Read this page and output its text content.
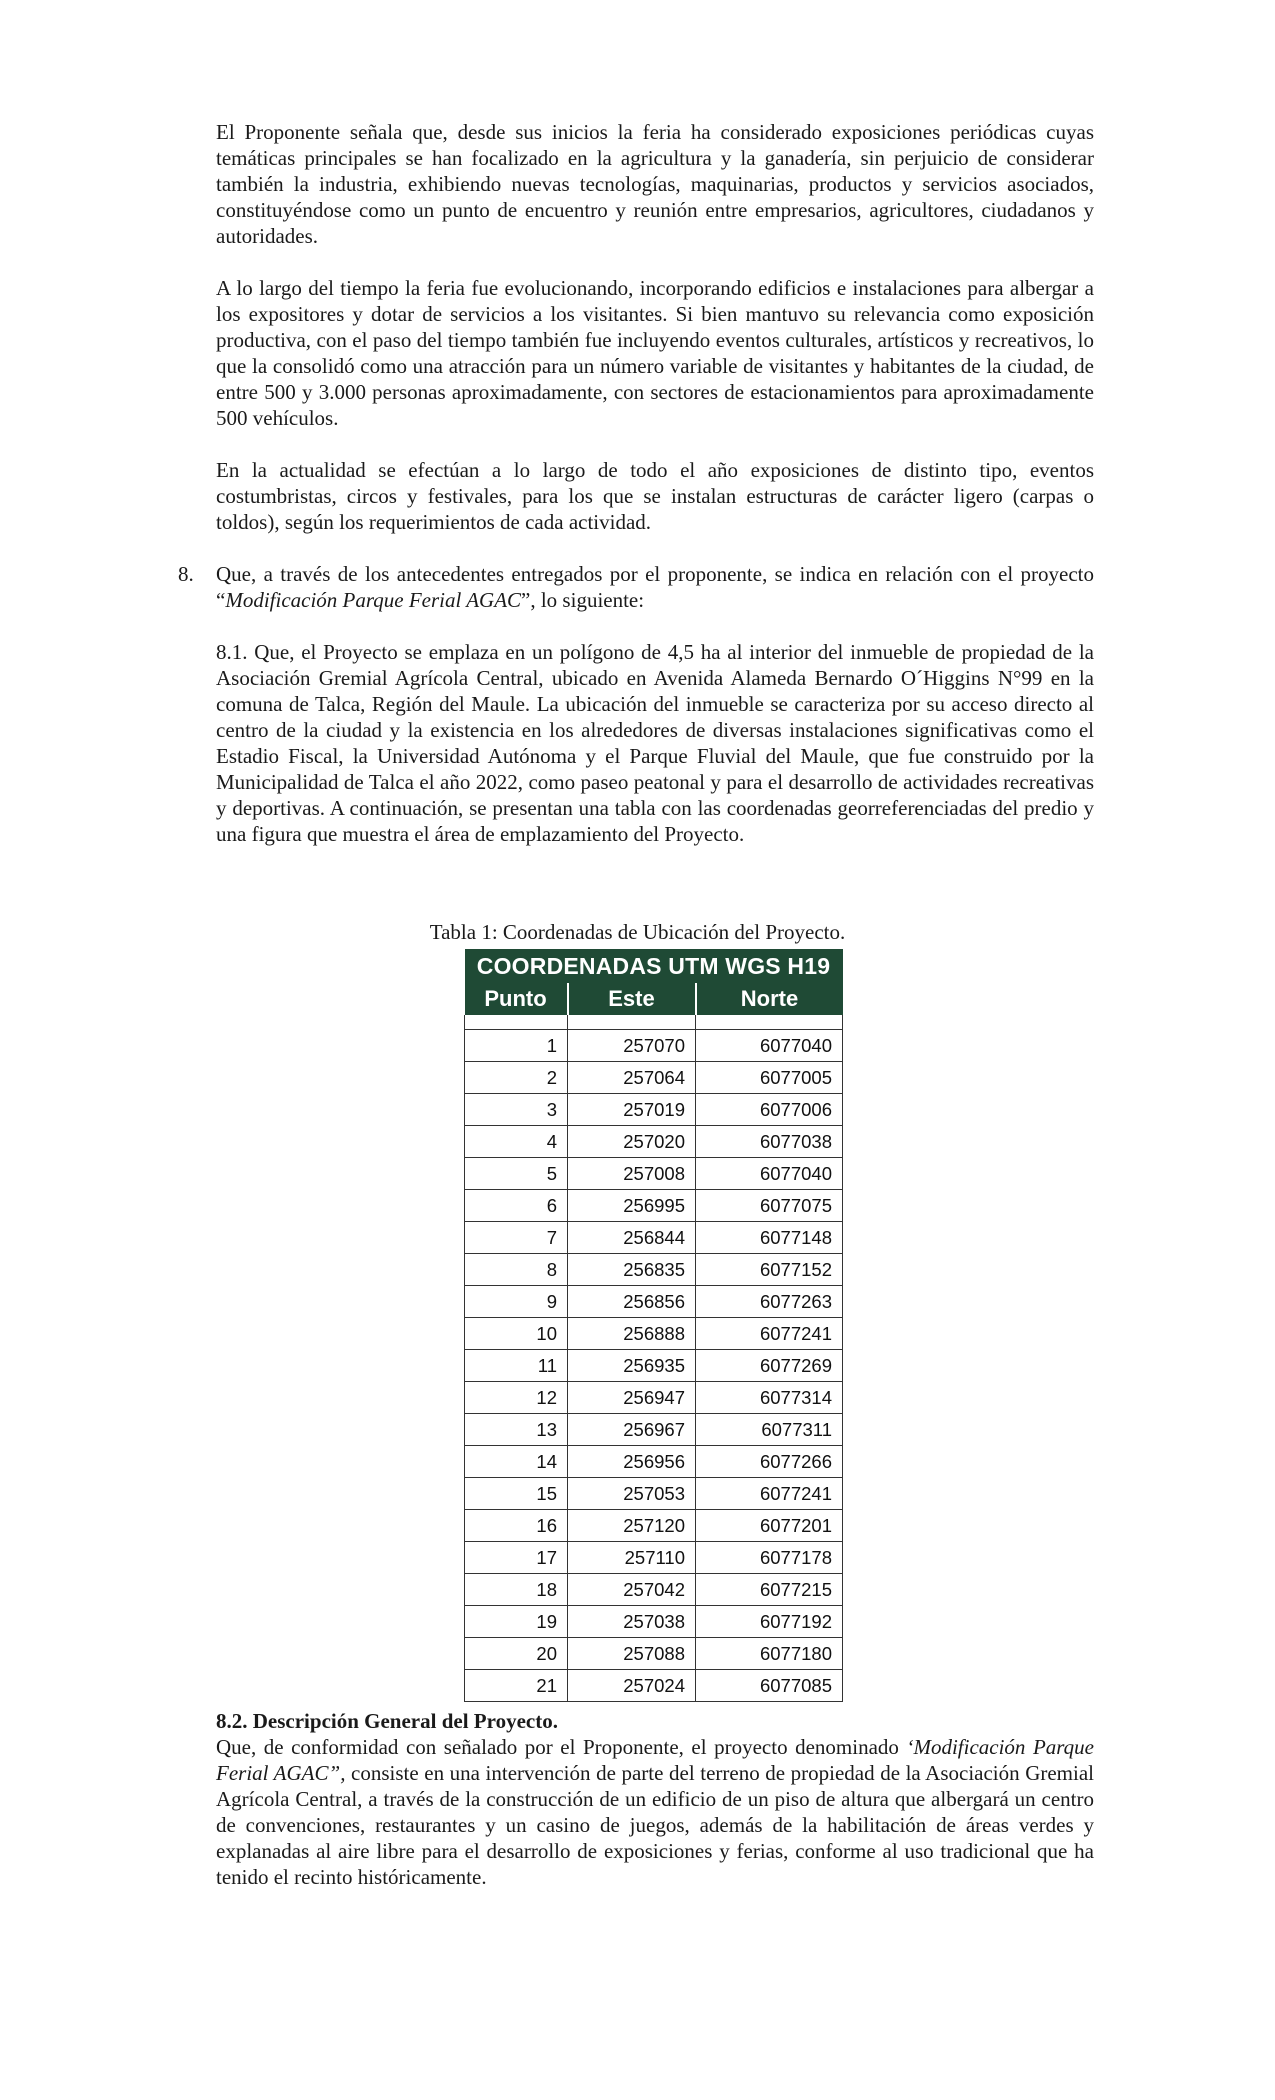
El Proponente señala que, desde sus inicios la feria ha considerado exposiciones periódicas cuyas temáticas principales se han focalizado en la agricultura y la ganadería, sin perjuicio de considerar también la industria, exhibiendo nuevas tecnologías, maquinarias, productos y servicios asociados, constituyéndose como un punto de encuentro y reunión entre empresarios, agricultores, ciudadanos y autoridades.

A lo largo del tiempo la feria fue evolucionando, incorporando edificios e instalaciones para albergar a los expositores y dotar de servicios a los visitantes. Si bien mantuvo su relevancia como exposición productiva, con el paso del tiempo también fue incluyendo eventos culturales, artísticos y recreativos, lo que la consolidó como una atracción para un número variable de visitantes y habitantes de la ciudad, de entre 500 y 3.000 personas aproximadamente, con sectores de estacionamientos para aproximadamente 500 vehículos.

En la actualidad se efectúan a lo largo de todo el año exposiciones de distinto tipo, eventos costumbristas, circos y festivales, para los que se instalan estructuras de carácter ligero (carpas o toldos), según los requerimientos de cada actividad.

8. Que, a través de los antecedentes entregados por el proponente, se indica en relación con el proyecto “Modificación Parque Ferial AGAC”, lo siguiente:

8.1. Que, el Proyecto se emplaza en un polígono de 4,5 ha al interior del inmueble de propiedad de la Asociación Gremial Agrícola Central, ubicado en Avenida Alameda Bernardo O´Higgins N°99 en la comuna de Talca, Región del Maule. La ubicación del inmueble se caracteriza por su acceso directo al centro de la ciudad y la existencia en los alrededores de diversas instalaciones significativas como el Estadio Fiscal, la Universidad Autónoma y el Parque Fluvial del Maule, que fue construido por la Municipalidad de Talca el año 2022, como paseo peatonal y para el desarrollo de actividades recreativas y deportivas. A continuación, se presentan una tabla con las coordenadas georreferenciadas del predio y una figura que muestra el área de emplazamiento del Proyecto.

Tabla 1: Coordenadas de Ubicación del Proyecto.

COORDENADAS UTM WGS H19		
Punto	Este	Norte

1	257070	6077040
2	257064	6077005
3	257019	6077006
4	257020	6077038
5	257008	6077040
6	256995	6077075
7	256844	6077148
8	256835	6077152
9	256856	6077263
10	256888	6077241
11	256935	6077269
12	256947	6077314
13	256967	6077311
14	256956	6077266
15	257053	6077241
16	257120	6077201
17	257110	6077178
18	257042	6077215
19	257038	6077192
20	257088	6077180
21	257024	6077085

8.2. Descripción General del Proyecto.

Que, de conformidad con señalado por el Proponente, el proyecto denominado ‘Modificación Parque Ferial AGAC”, consiste en una intervención de parte del terreno de propiedad de la Asociación Gremial Agrícola Central, a través de la construcción de un edificio de un piso de altura que albergará un centro de convenciones, restaurantes y un casino de juegos, además de la habilitación de áreas verdes y explanadas al aire libre para el desarrollo de exposiciones y ferias, conforme al uso tradicional que ha tenido el recinto históricamente.
